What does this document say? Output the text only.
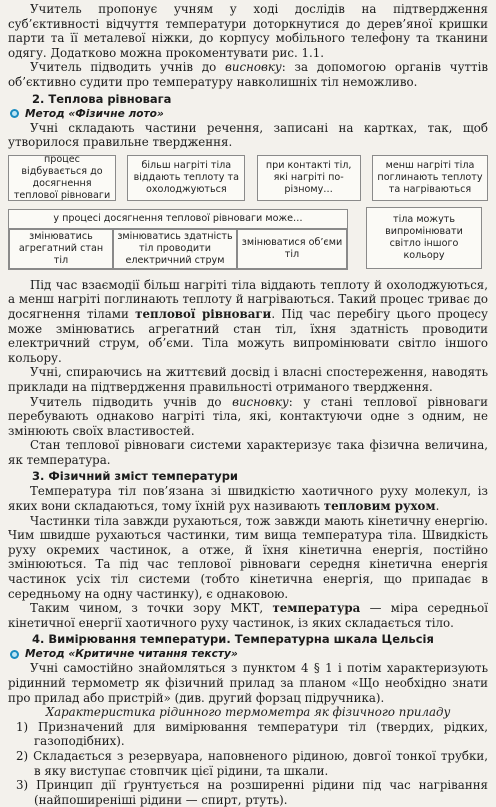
Учитель пропонує учням у ході дослідів на підтвердження суб’єктивності відчуття температури доторкнутися до дерев’яної кришки парти та її металевої ніжки, до корпусу мобільного телефону та тканини одягу. Додатково можна прокоментувати рис. 1.1.

Учитель підводить учнів до висновку: за допомогою органів чуттів об’єктивно судити про температуру навколишніх тіл неможливо.

2. Теплова рівновага
Метод «Фізичне лото»

Учні складають частини речення, записані на картках, так, щоб утворилося правильне твердження.

процес відбувається до досягнення теплової рівноваги
більш нагріті тіла віддають теплоту та охолоджуються
при контакті тіл, які нагріті по-різному…
менш нагріті тіла поглинають теплоту та нагріваються
у процесі досягнення теплової рівноваги може…
змінюватись агрегатний стан тіл
змінюватись здатність тіл проводити електричний струм
змінюватися об’єми тіл
тіла можуть випромінювати світло іншого кольору

Під час взаємодії більш нагріті тіла віддають теплоту й охолоджуються, а менш нагріті поглинають теплоту й нагріваються. Такий процес триває до досягнення тілами теплової рівноваги. Під час перебігу цього процесу може змінюватись агрегатний стан тіл, їхня здатність проводити електричний струм, об’єми. Тіла можуть випромінювати світло іншого кольору.

Учні, спираючись на життєвий досвід і власні спостереження, наводять приклади на підтвердження правильності отриманого твердження.

Учитель підводить учнів до висновку: у стані теплової рівноваги перебувають однаково нагріті тіла, які, контактуючи одне з одним, не змінюють своїх властивостей.

Стан теплової рівноваги системи характеризує така фізична величина, як температура.

3. Фізичний зміст температури

Температура тіл пов’язана зі швидкістю хаотичного руху молекул, із яких вони складаються, тому їхній рух називають тепловим рухом.

Частинки тіла завжди рухаються, тож завжди мають кінетичну енергію. Чим швидше рухаються частинки, тим вища температура тіла. Швидкість руху окремих частинок, а отже, й їхня кінетична енергія, постійно змінюються. Та під час теплової рівноваги середня кінетична енергія частинок усіх тіл системи (тобто кінетична енергія, що припадає в середньому на одну частинку), є однаковою.

Таким чином, з точки зору МКТ, температура — міра середньої кінетичної енергії хаотичного руху частинок, із яких складається тіло.

4. Вимірювання температури. Температурна шкала Цельсія
Метод «Критичне читання тексту»

Учні самостійно знайомляться з пунктом 4 § 1 і потім характеризують рідинний термометр як фізичний прилад за планом «Що необхідно знати про прилад або пристрій» (див. другий форзац підручника).

Характеристика рідинного термометра як фізичного приладу

1) Призначений для вимірювання температури тіл (твердих, рідких, газоподібних).
2) Складається з резервуара, наповненого рідиною, довгої тонкої трубки, в яку виступає стовпчик цієї рідини, та шкали.
3) Принцип дії ґрунтується на розширенні рідини під час нагрівання (найпоширеніші рідини — спирт, ртуть).
